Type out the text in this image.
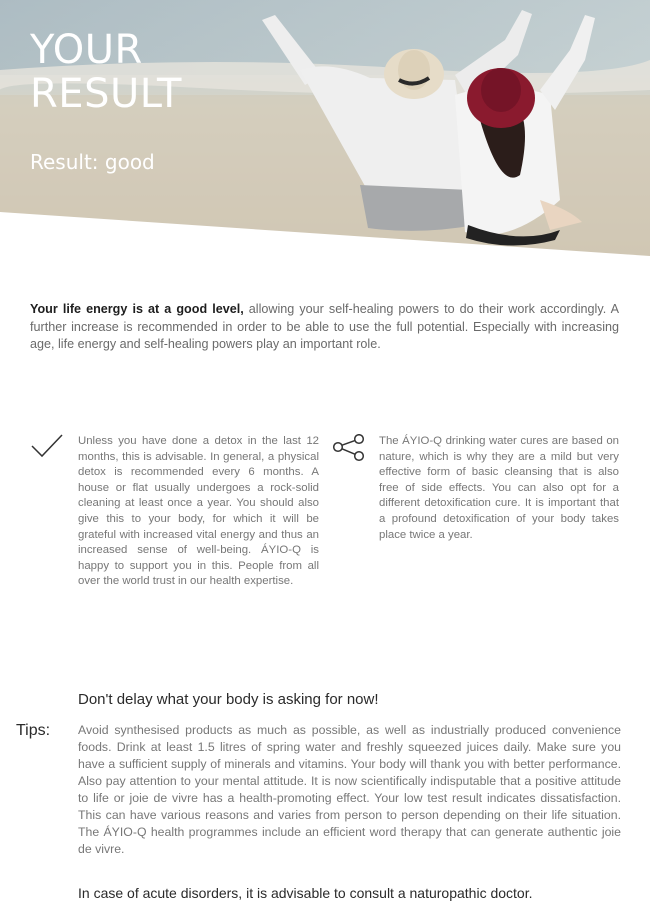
YOUR
RESULT
Result: good

Your life energy is at a good level, allowing your self-healing powers to do their work accordingly. A further increase is recommended in order to be able to use the full potential. Especially with increasing age, life energy and self-healing powers play an important role.

Unless you have done a detox in the last 12 months, this is advisable. In general, a physical detox is recommended every 6 months. A house or flat usually undergoes a rock-solid cleaning at least once a year. You should also give this to your body, for which it will be grateful with increased vital energy and thus an increased sense of well-being. ÁYIO-Q is happy to support you in this. People from all over the world trust in our health expertise.

The ÁYIO-Q drinking water cures are based on nature, which is why they are a mild but very effective form of basic cleansing that is also free of side effects. You can also opt for a different detoxification cure. It is important that a profound detoxification of your body takes place twice a year.

Don't delay what your body is asking for now!
Tips: Avoid synthesised products as much as possible, as well as industrially produced convenience foods. Drink at least 1.5 litres of spring water and freshly squeezed juices daily. Make sure you have a sufficient supply of minerals and vitamins. Your body will thank you with better performance. Also pay attention to your mental attitude. It is now scientifically indisputable that a positive attitude to life or joie de vivre has a health-promoting effect. Your low test result indicates dissatisfaction. This can have various reasons and varies from person to person depending on their life situation. The ÁYIO-Q health programmes include an efficient word therapy that can generate authentic joie de vivre.

In case of acute disorders, it is advisable to consult a naturopathic doctor.
